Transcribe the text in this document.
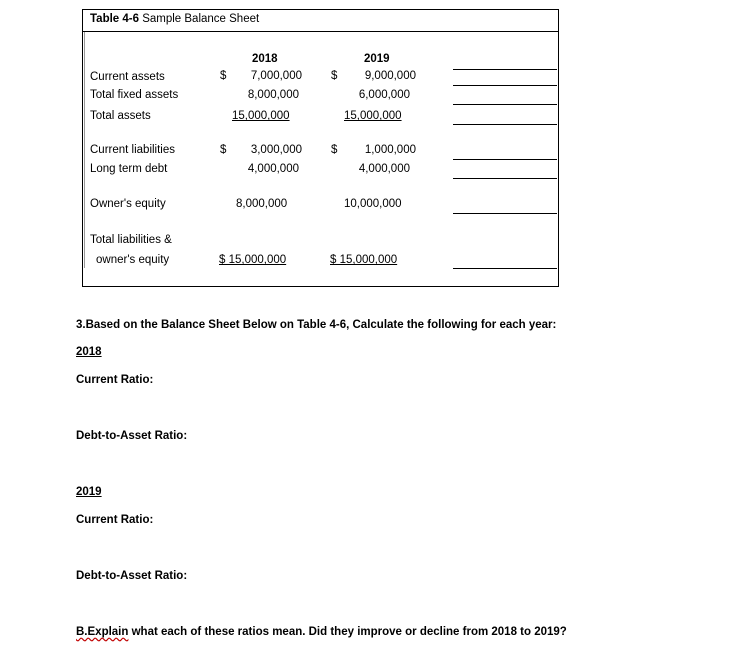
Table 4-6 Sample Balance Sheet
2018	2019
Current assets	$	7,000,000	$	9,000,000
Total fixed assets	8,000,000	6,000,000
Total assets	15,000,000	15,000,000
Current liabilities	$	3,000,000	$	1,000,000
Long term debt	4,000,000	4,000,000
Owner's equity	8,000,000	10,000,000
Total liabilities &
owner's equity	$ 15,000,000	$ 15,000,000
3.Based on the Balance Sheet Below on Table 4-6, Calculate the following for each year:
2018
Current Ratio:
Debt-to-Asset Ratio:
2019
Current Ratio:
Debt-to-Asset Ratio:
B.Explain what each of these ratios mean. Did they improve or decline from 2018 to 2019?
